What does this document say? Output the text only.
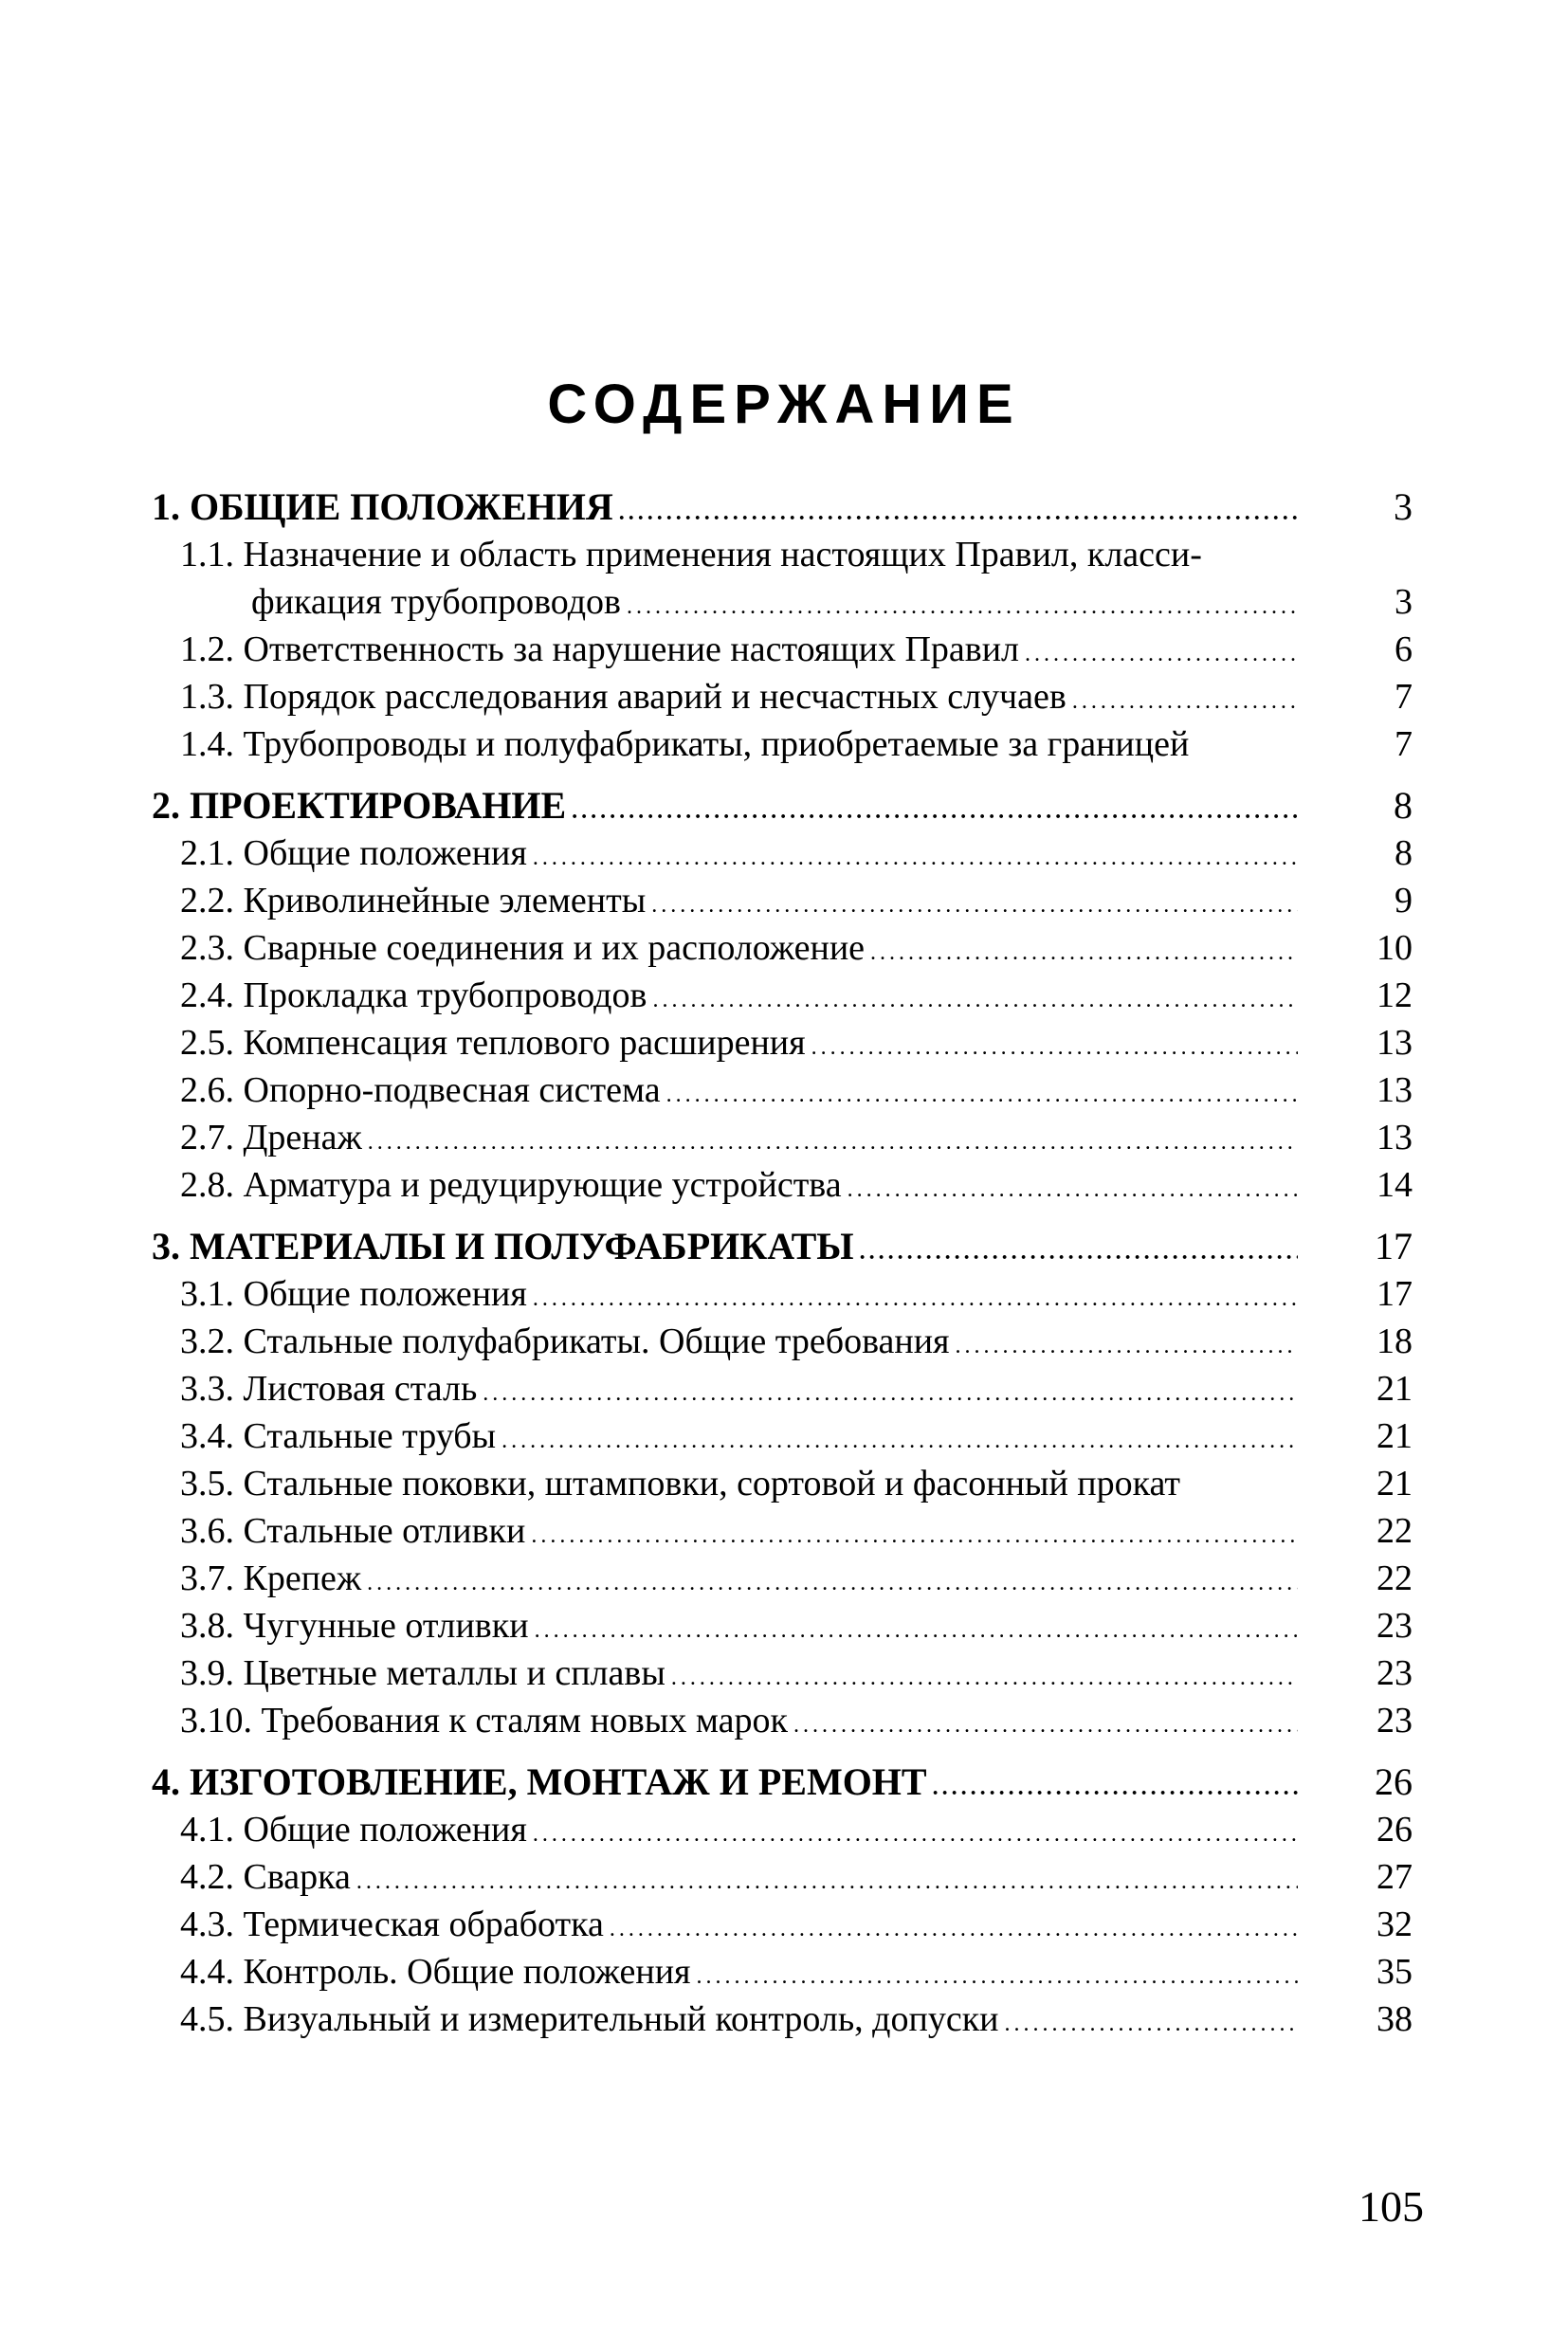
СОДЕРЖАНИЕ
1. ОБЩИЕ ПОЛОЖЕНИЯ . . .	3
1.1. Назначение и область применения настоящих Правил, класси-
фикация трубопроводов . . .	3
1.2. Ответственность за нарушение настоящих Правил . . .	6
1.3. Порядок расследования аварий и несчастных случаев . . .	7
1.4. Трубопроводы и полуфабрикаты, приобретаемые за границей	7
2. ПРОЕКТИРОВАНИЕ . . .	8
2.1. Общие положения . . .	8
2.2. Криволинейные элементы . . .	9
2.3. Сварные соединения и их расположение . . .	10
2.4. Прокладка трубопроводов . . .	12
2.5. Компенсация теплового расширения . . .	13
2.6. Опорно-подвесная система . . .	13
2.7. Дренаж . . .	13
2.8. Арматура и редуцирующие устройства . . .	14
3. МАТЕРИАЛЫ И ПОЛУФАБРИКАТЫ . . .	17
3.1. Общие положения . . .	17
3.2. Стальные полуфабрикаты. Общие требования . . .	18
3.3. Листовая сталь . . .	21
3.4. Стальные трубы . . .	21
3.5. Стальные поковки, штамповки, сортовой и фасонный прокат	21
3.6. Стальные отливки . . .	22
3.7. Крепеж . . .	22
3.8. Чугунные отливки . . .	23
3.9. Цветные металлы и сплавы . . .	23
3.10. Требования к сталям новых марок . . .	23
4. ИЗГОТОВЛЕНИЕ, МОНТАЖ И РЕМОНТ . . .	26
4.1. Общие положения . . .	26
4.2. Сварка . . .	27
4.3. Термическая обработка . . .	32
4.4. Контроль. Общие положения . . .	35
4.5. Визуальный и измерительный контроль, допуски . . .	38
105
